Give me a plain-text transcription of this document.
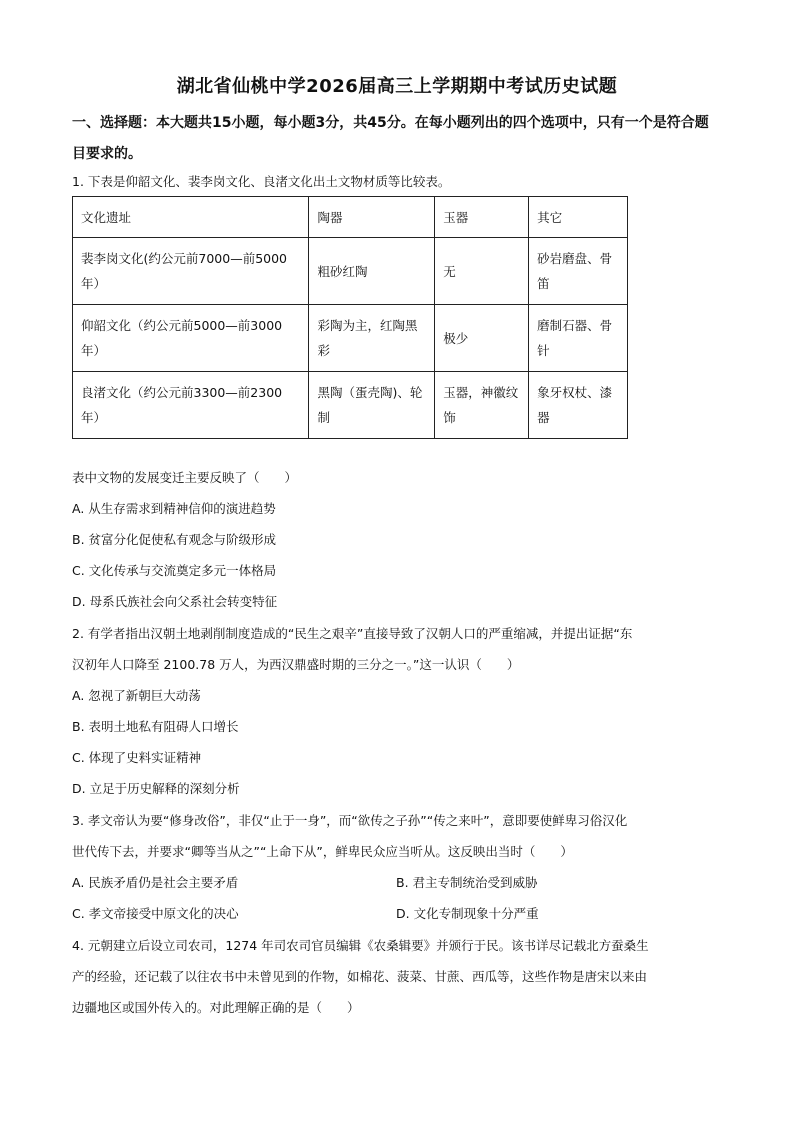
湖北省仙桃中学2026届高三上学期期中考试历史试题
一、选择题：本大题共15小题，每小题3分，共45分。在每小题列出的四个选项中，只有一个是符合题目要求的。
1. 下表是仰韶文化、裴李岗文化、良渚文化出土文物材质等比较表。
文化遗址	陶器	玉器	其它
裴李岗文化(约公元前7000—前5000年）	粗砂红陶	无	砂岩磨盘、骨笛
仰韶文化（约公元前5000—前3000年）	彩陶为主，红陶黑彩	极少	磨制石器、骨针
良渚文化（约公元前3300—前2300年）	黑陶（蛋壳陶)、轮制	玉器，神徽纹饰	象牙权杖、漆器
表中文物的发展变迁主要反映了（　　）
A. 从生存需求到精神信仰的演进趋势
B. 贫富分化促使私有观念与阶级形成
C. 文化传承与交流奠定多元一体格局
D. 母系氏族社会向父系社会转变特征
2. 有学者指出汉朝土地剥削制度造成的“民生之艰辛”直接导致了汉朝人口的严重缩减，并提出证据“东
汉初年人口降至 2100.78 万人，为西汉鼎盛时期的三分之一。”这一认识（　　）
A. 忽视了新朝巨大动荡
B. 表明土地私有阻碍人口增长
C. 体现了史料实证精神
D. 立足于历史解释的深刻分析
3. 孝文帝认为要“修身改俗”，非仅“止于一身”，而“欲传之子孙”“传之来叶”，意即要使鲜卑习俗汉化
世代传下去，并要求“卿等当从之”“上命下从”，鲜卑民众应当听从。这反映出当时（　　）
A. 民族矛盾仍是社会主要矛盾	B. 君主专制统治受到威胁
C. 孝文帝接受中原文化的决心	D. 文化专制现象十分严重
4. 元朝建立后设立司农司，1274 年司农司官员编辑《农桑辑要》并颁行于民。该书详尽记载北方蚕桑生
产的经验，还记载了以往农书中未曾见到的作物，如棉花、菠菜、甘蔗、西瓜等，这些作物是唐宋以来由
边疆地区或国外传入的。对此理解正确的是（　　）
